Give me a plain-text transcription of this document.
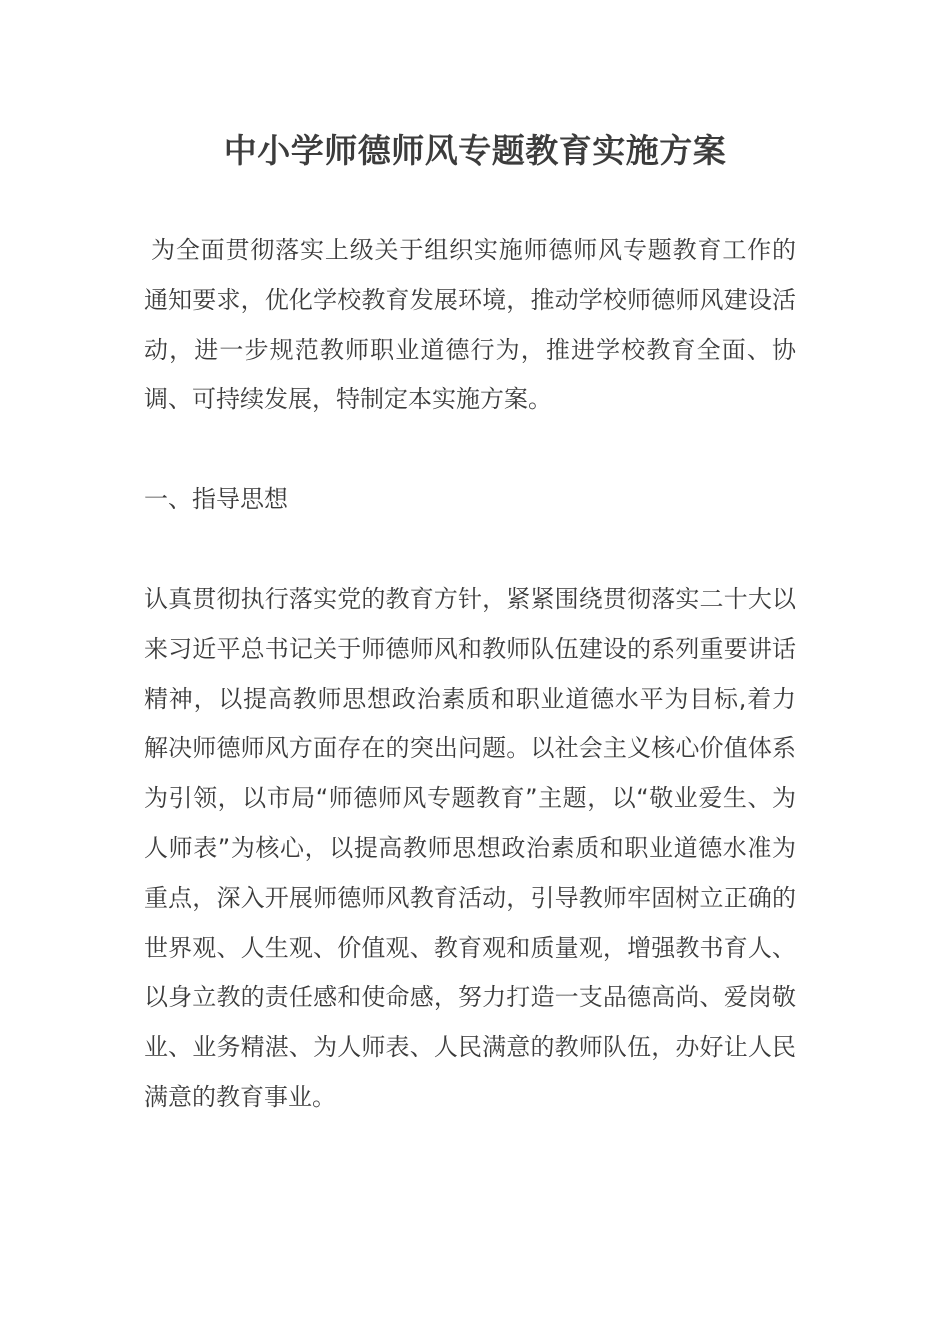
中小学师德师风专题教育实施方案

为全面贯彻落实上级关于组织实施师德师风专题教育工作的通知要求，优化学校教育发展环境，推动学校师德师风建设活动，进一步规范教师职业道德行为，推进学校教育全面、协调、可持续发展，特制定本实施方案。

一、指导思想

认真贯彻执行落实党的教育方针，紧紧围绕贯彻落实二十大以来习近平总书记关于师德师风和教师队伍建设的系列重要讲话精神，以提高教师思想政治素质和职业道德水平为目标,着力解决师德师风方面存在的突出问题。以社会主义核心价值体系为引领，以市局“师德师风专题教育”主题，以“敬业爱生、为人师表”为核心，以提高教师思想政治素质和职业道德水准为重点，深入开展师德师风教育活动，引导教师牢固树立正确的世界观、人生观、价值观、教育观和质量观，增强教书育人、以身立教的责任感和使命感，努力打造一支品德高尚、爱岗敬业、业务精湛、为人师表、人民满意的教师队伍，办好让人民满意的教育事业。
